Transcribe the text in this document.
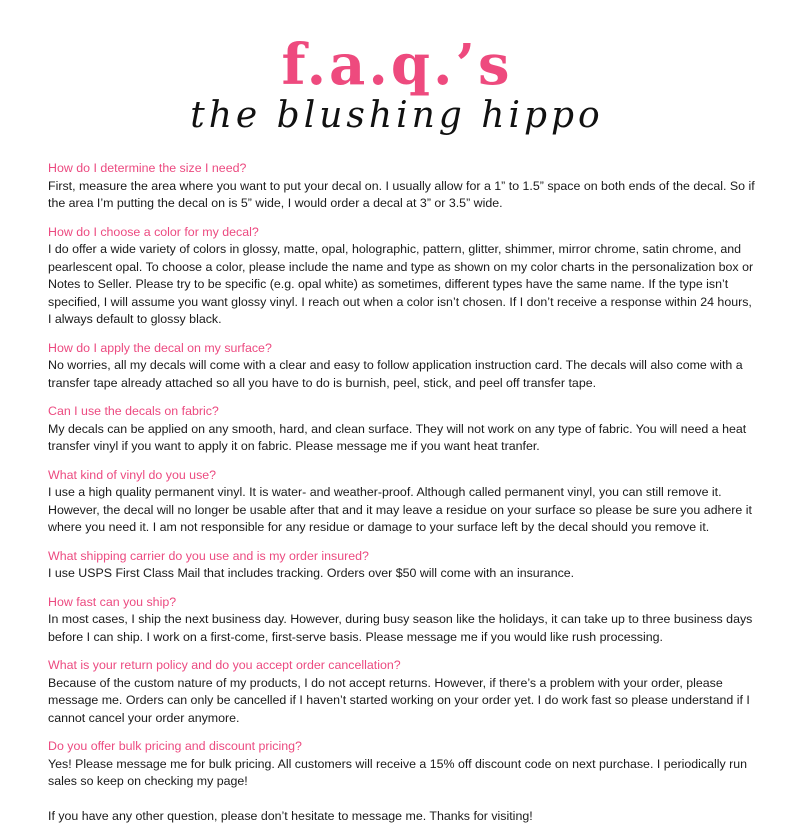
f.a.q.’s
the blushing hippo

How do I determine the size I need?

First, measure the area where you want to put your decal on. I usually allow for a 1” to 1.5” space on both ends of the decal. So if the area I’m putting the decal on is 5” wide, I would order a decal at 3” or 3.5” wide.

How do I choose a color for my decal?

I do offer a wide variety of colors in glossy, matte, opal, holographic, pattern, glitter, shimmer, mirror chrome, satin chrome, and pearlescent opal. To choose a color, please include the name and type as shown on my color charts in the personalization box or Notes to Seller. Please try to be specific (e.g. opal white) as sometimes, different types have the same name. If the type isn’t specified, I will assume you want glossy vinyl. I reach out when a color isn’t chosen. If I don’t receive a response within 24 hours, I always default to glossy black.

How do I apply the decal on my surface?

No worries, all my decals will come with a clear and easy to follow application instruction card. The decals will also come with a transfer tape already attached so all you have to do is burnish, peel, stick, and peel off transfer tape.

Can I use the decals on fabric?

My decals can be applied on any smooth, hard, and clean surface. They will not work on any type of fabric. You will need a heat transfer vinyl if you want to apply it on fabric. Please message me if you want heat tranfer.

What kind of vinyl do you use?

I use a high quality permanent vinyl. It is water- and weather-proof. Although called permanent vinyl, you can still remove it. However, the decal will no longer be usable after that and it may leave a residue on your surface so please be sure you adhere it where you need it. I am not responsible for any residue or damage to your surface left by the decal should you remove it.

What shipping carrier do you use and is my order insured?

I use USPS First Class Mail that includes tracking. Orders over $50 will come with an insurance.

How fast can you ship?

In most cases, I ship the next business day. However, during busy season like the holidays, it can take up to three business days before I can ship. I work on a first-come, first-serve basis. Please message me if you would like rush processing.

What is your return policy and do you accept order cancellation?

Because of the custom nature of my products, I do not accept returns. However, if there’s a problem with your order, please message me. Orders can only be cancelled if I haven’t started working on your order yet. I do work fast so please understand if I cannot cancel your order anymore.

Do you offer bulk pricing and discount pricing?

Yes! Please message me for bulk pricing. All customers will receive a 15% off discount code on next purchase. I periodically run sales so keep on checking my page!

If you have any other question, please don’t hesitate to message me. Thanks for visiting!
